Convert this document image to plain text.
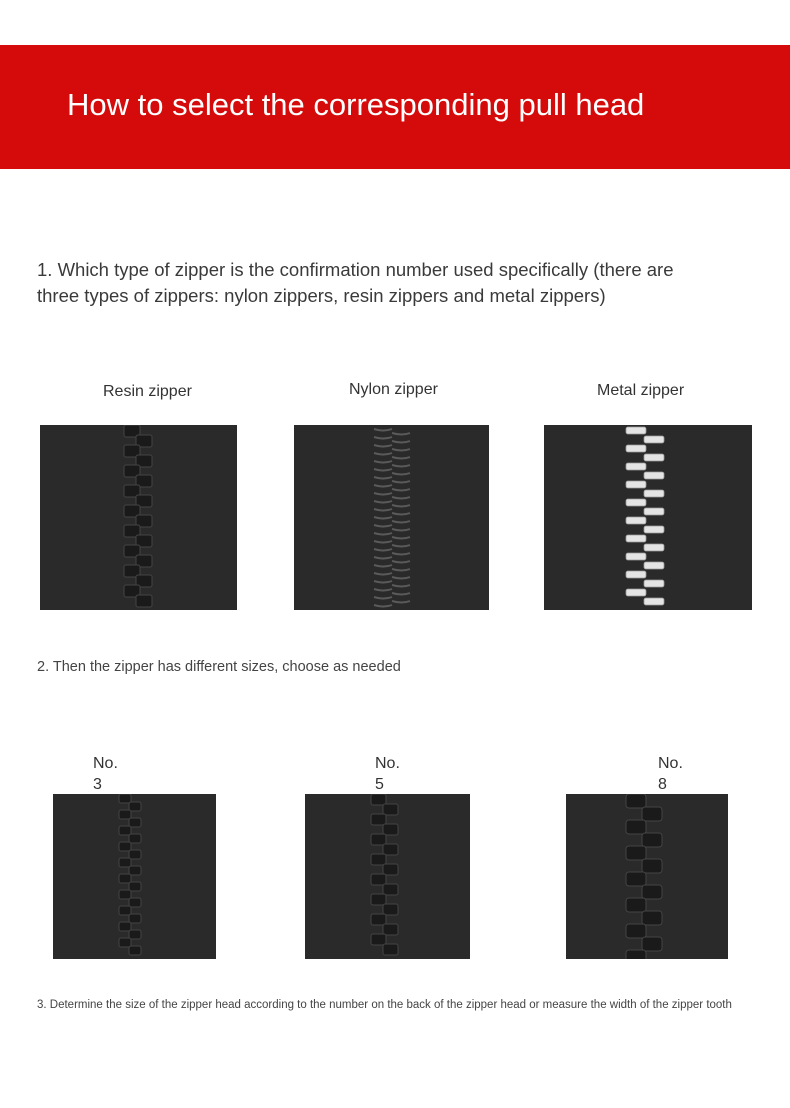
How to select the corresponding pull head
1. Which type of zipper is the confirmation number used specifically (there are three types of zippers: nylon zippers, resin zippers and metal zippers)
Resin zipper	Nylon zipper	Metal zipper
2. Then the zipper has different sizes, choose as needed
No.
3
No.
5
No.
8
3. Determine the size of the zipper head according to the number on the back of the zipper head or measure the width of the zipper tooth
